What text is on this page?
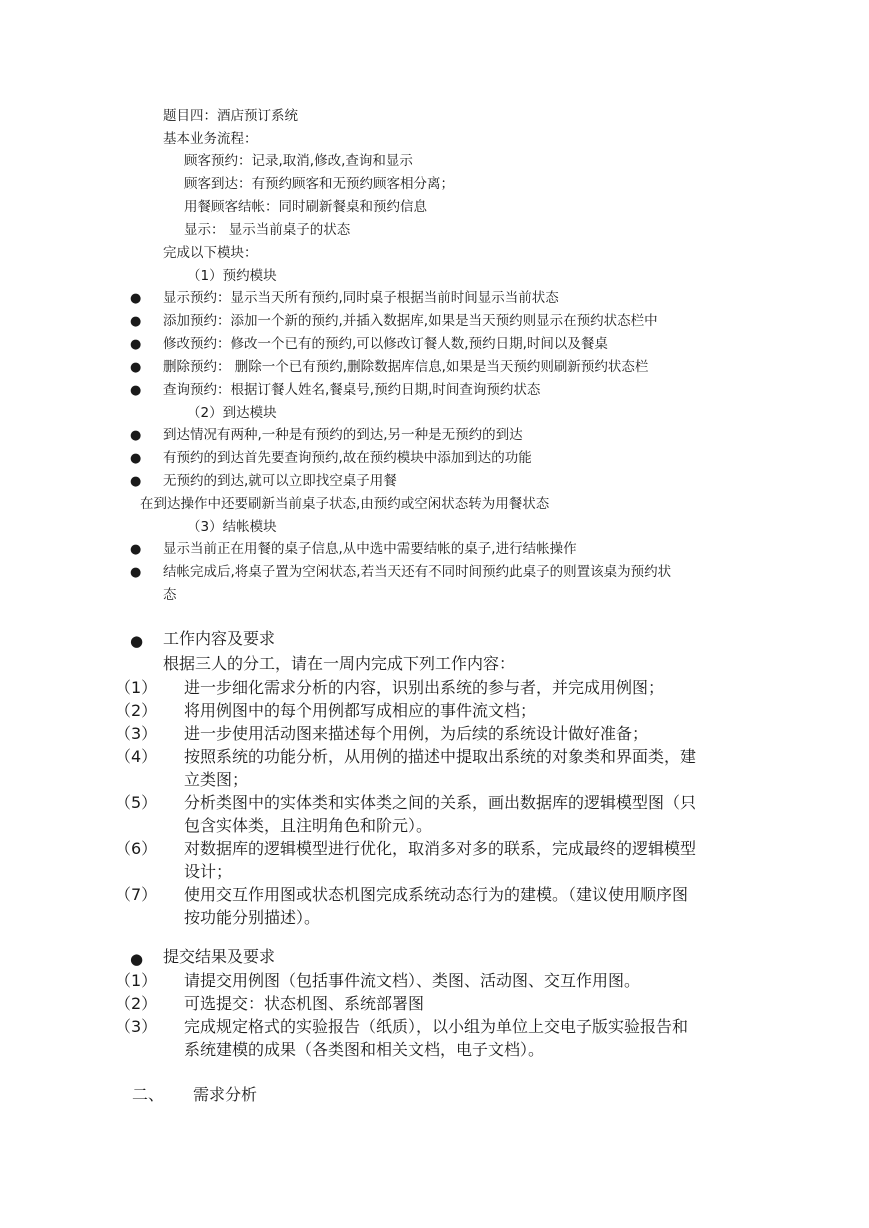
题目四：酒店预订系统
基本业务流程：
顾客预约：记录,取消,修改,查询和显示
顾客到达：有预约顾客和无预约顾客相分离；
用餐顾客结帐：同时刷新餐桌和预约信息
显示： 显示当前桌子的状态
完成以下模块：
（1）预约模块
● 显示预约：显示当天所有预约,同时桌子根据当前时间显示当前状态
● 添加预约：添加一个新的预约,并插入数据库,如果是当天预约则显示在预约状态栏中
● 修改预约：修改一个已有的预约,可以修改订餐人数,预约日期,时间以及餐桌
● 删除预约： 删除一个已有预约,删除数据库信息,如果是当天预约则刷新预约状态栏
● 查询预约：根据订餐人姓名,餐桌号,预约日期,时间查询预约状态
（2）到达模块
● 到达情况有两种,一种是有预约的到达,另一种是无预约的到达
● 有预约的到达首先要查询预约,故在预约模块中添加到达的功能
● 无预约的到达,就可以立即找空桌子用餐
在到达操作中还要刷新当前桌子状态,由预约或空闲状态转为用餐状态
（3）结帐模块
● 显示当前正在用餐的桌子信息,从中选中需要结帐的桌子,进行结帐操作
● 结帐完成后,将桌子置为空闲状态,若当天还有不同时间预约此桌子的则置该桌为预约状
态
● 工作内容及要求
根据三人的分工，请在一周内完成下列工作内容：
（1） 进一步细化需求分析的内容，识别出系统的参与者，并完成用例图；
（2） 将用例图中的每个用例都写成相应的事件流文档；
（3） 进一步使用活动图来描述每个用例，为后续的系统设计做好准备；
（4） 按照系统的功能分析，从用例的描述中提取出系统的对象类和界面类，建
立类图；
（5） 分析类图中的实体类和实体类之间的关系，画出数据库的逻辑模型图（只
包含实体类，且注明角色和阶元）。
（6） 对数据库的逻辑模型进行优化，取消多对多的联系，完成最终的逻辑模型
设计；
（7） 使用交互作用图或状态机图完成系统动态行为的建模。（建议使用顺序图
按功能分别描述）。
● 提交结果及要求
（1） 请提交用例图（包括事件流文档）、类图、活动图、交互作用图。
（2） 可选提交：状态机图、系统部署图
（3） 完成规定格式的实验报告（纸质），以小组为单位上交电子版实验报告和
系统建模的成果（各类图和相关文档，电子文档）。
二、 需求分析
